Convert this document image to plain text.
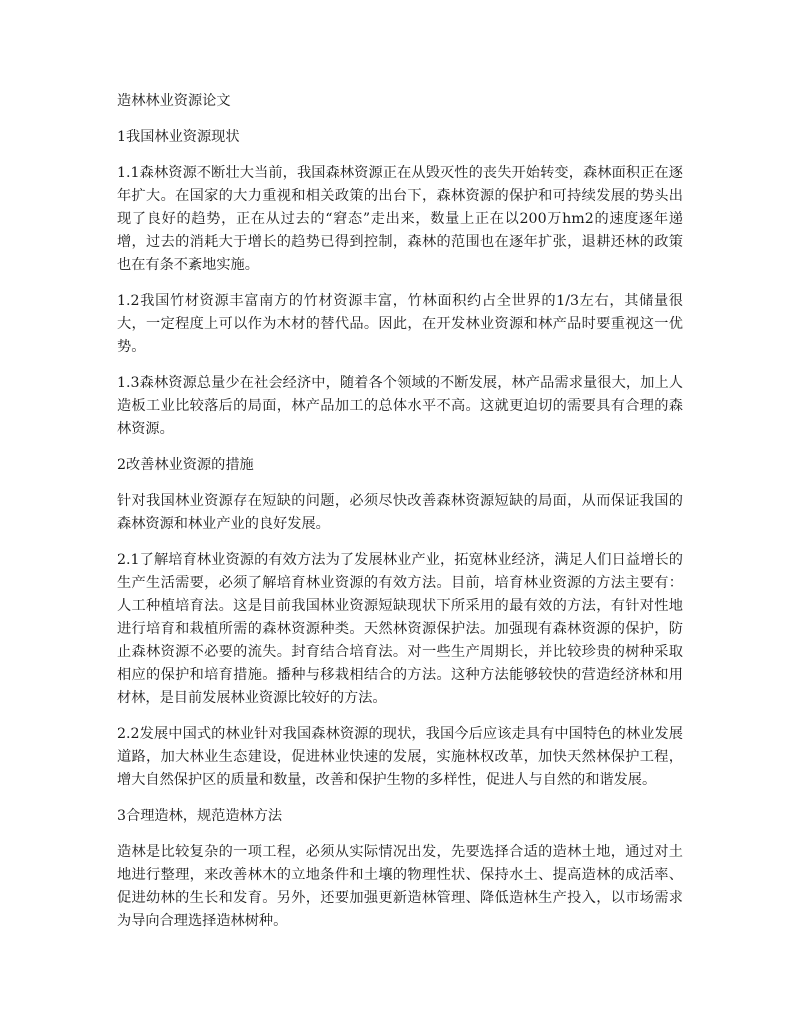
造林林业资源论文

1我国林业资源现状

1.1森林资源不断壮大当前，我国森林资源正在从毁灭性的丧失开始转变，森林面积正在逐年扩大。在国家的大力重视和相关政策的出台下，森林资源的保护和可持续发展的势头出现了良好的趋势，正在从过去的“窘态”走出来，数量上正在以200万hm2的速度逐年递增，过去的消耗大于增长的趋势已得到控制，森林的范围也在逐年扩张，退耕还林的政策也在有条不紊地实施。

1.2我国竹材资源丰富南方的竹材资源丰富，竹林面积约占全世界的1/3左右，其储量很大，一定程度上可以作为木材的替代品。因此，在开发林业资源和林产品时要重视这一优势。

1.3森林资源总量少在社会经济中，随着各个领域的不断发展，林产品需求量很大，加上人造板工业比较落后的局面，林产品加工的总体水平不高。这就更迫切的需要具有合理的森林资源。

2改善林业资源的措施

针对我国林业资源存在短缺的问题，必须尽快改善森林资源短缺的局面，从而保证我国的森林资源和林业产业的良好发展。

2.1了解培育林业资源的有效方法为了发展林业产业，拓宽林业经济，满足人们日益增长的生产生活需要，必须了解培育林业资源的有效方法。目前，培育林业资源的方法主要有：人工种植培育法。这是目前我国林业资源短缺现状下所采用的最有效的方法，有针对性地进行培育和栽植所需的森林资源种类。天然林资源保护法。加强现有森林资源的保护，防止森林资源不必要的流失。封育结合培育法。对一些生产周期长，并比较珍贵的树种采取相应的保护和培育措施。播种与移栽相结合的方法。这种方法能够较快的营造经济林和用材林，是目前发展林业资源比较好的方法。

2.2发展中国式的林业针对我国森林资源的现状，我国今后应该走具有中国特色的林业发展道路，加大林业生态建设，促进林业快速的发展，实施林权改革，加快天然林保护工程，增大自然保护区的质量和数量，改善和保护生物的多样性，促进人与自然的和谐发展。

3合理造林，规范造林方法

造林是比较复杂的一项工程，必须从实际情况出发，先要选择合适的造林土地，通过对土地进行整理，来改善林木的立地条件和土壤的物理性状、保持水土、提高造林的成活率、促进幼林的生长和发育。另外，还要加强更新造林管理、降低造林生产投入，以市场需求为导向合理选择造林树种。
